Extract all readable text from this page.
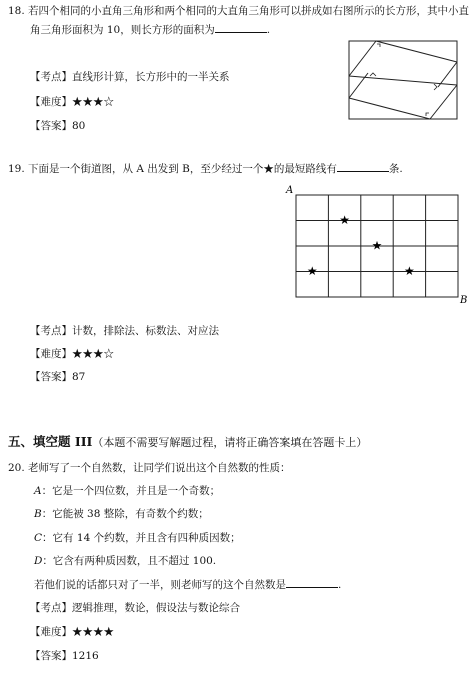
18. 若四个相同的小直角三角形和两个相同的大直角三角形可以拼成如右图所示的长方形，其中小直
角三角形面积为 10，则长方形的面积为	.
【考点】直线形计算，长方形中的一半关系
【难度】★★★☆
【答案】80
19. 下面是一个街道图，从 A 出发到 B，至少经过一个★的最短路线有	条.
A
B
★
★
★	★
【考点】计数，排除法、标数法、对应法
【难度】★★★☆
【答案】87
五、填空题 III（本题不需要写解题过程，请将正确答案填在答题卡上）
20. 老师写了一个自然数，让同学们说出这个自然数的性质：
A：它是一个四位数，并且是一个奇数；
B：它能被 38 整除，有奇数个约数；
C：它有 14 个约数，并且含有四种质因数；
D：它含有两种质因数，且不超过 100.
若他们说的话都只对了一半，则老师写的这个自然数是	.
【考点】逻辑推理，数论，假设法与数论综合
【难度】★★★★
【答案】1216
